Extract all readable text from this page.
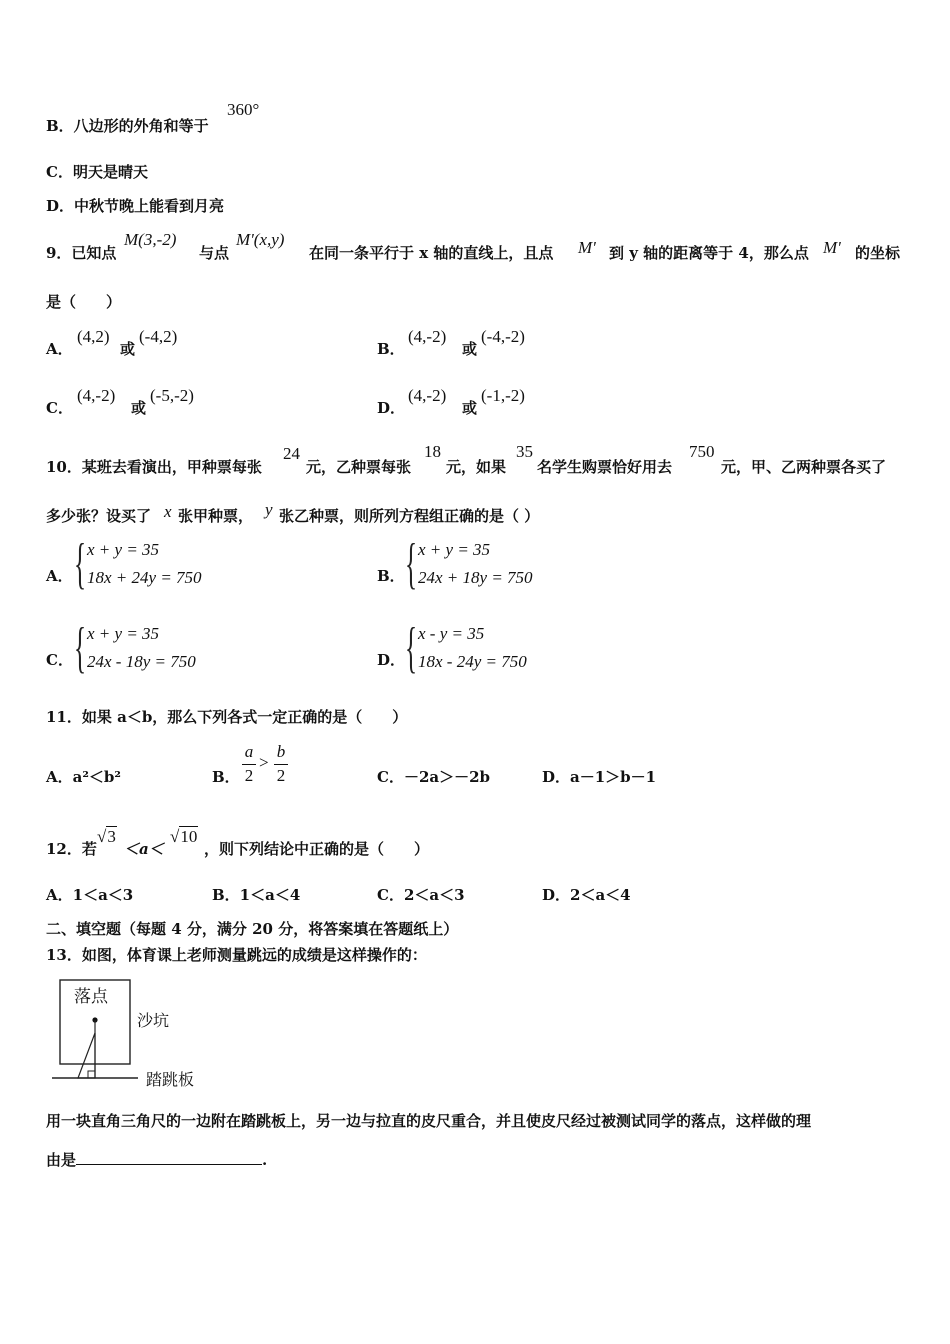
B．八边形的外角和等于
360°
C．明天是晴天
D．中秋节晚上能看到月亮
9．已知点
M(3,-2)
与点
M'(x,y)
在同一条平行于 x 轴的直线上，且点 M' 到 y 轴的距离等于 4，那么点 M' 的坐标
是（　　）
A．
(4,2)
或
(-4,2)
B．
(4,-2)
或
(-4,-2)
C．
(4,-2)
或
(-5,-2)
D．
(4,-2)
或
(-1,-2)
10．某班去看演出，甲种票每张
24
元，乙种票每张
18
元，如果
35
名学生购票恰好用去
750
元，甲、乙两种票各买了
多少张？设买了 x 张甲种票， y 张乙种票，则所列方程组正确的是（ ）
A． { x + y = 35
18x + 24y = 750	B． { x + y = 35
24x + 18y = 750
C． { x + y = 35
24x - 18y = 750	D． { x - y = 35
18x - 24y = 750
11．如果 a＜b，那么下列各式一定正确的是（　　）
A．a²＜b²	B．
a
2
>
b
2	C．－2a＞－2b	D．a－1＞b－1
12．若
√3
＜a＜
√10
，则下列结论中正确的是（　　）
A．1＜a＜3	B．1＜a＜4	C．2＜a＜3	D．2＜a＜4
二、填空题（每题 4 分，满分 20 分，将答案填在答题纸上）
13．如图，体育课上老师测量跳远的成绩是这样操作的：
落点
沙坑
踏跳板
用一块直角三角尺的一边附在踏跳板上，另一边与拉直的皮尺重合，并且使皮尺经过被测试同学的落点，这样做的理
由是	.
